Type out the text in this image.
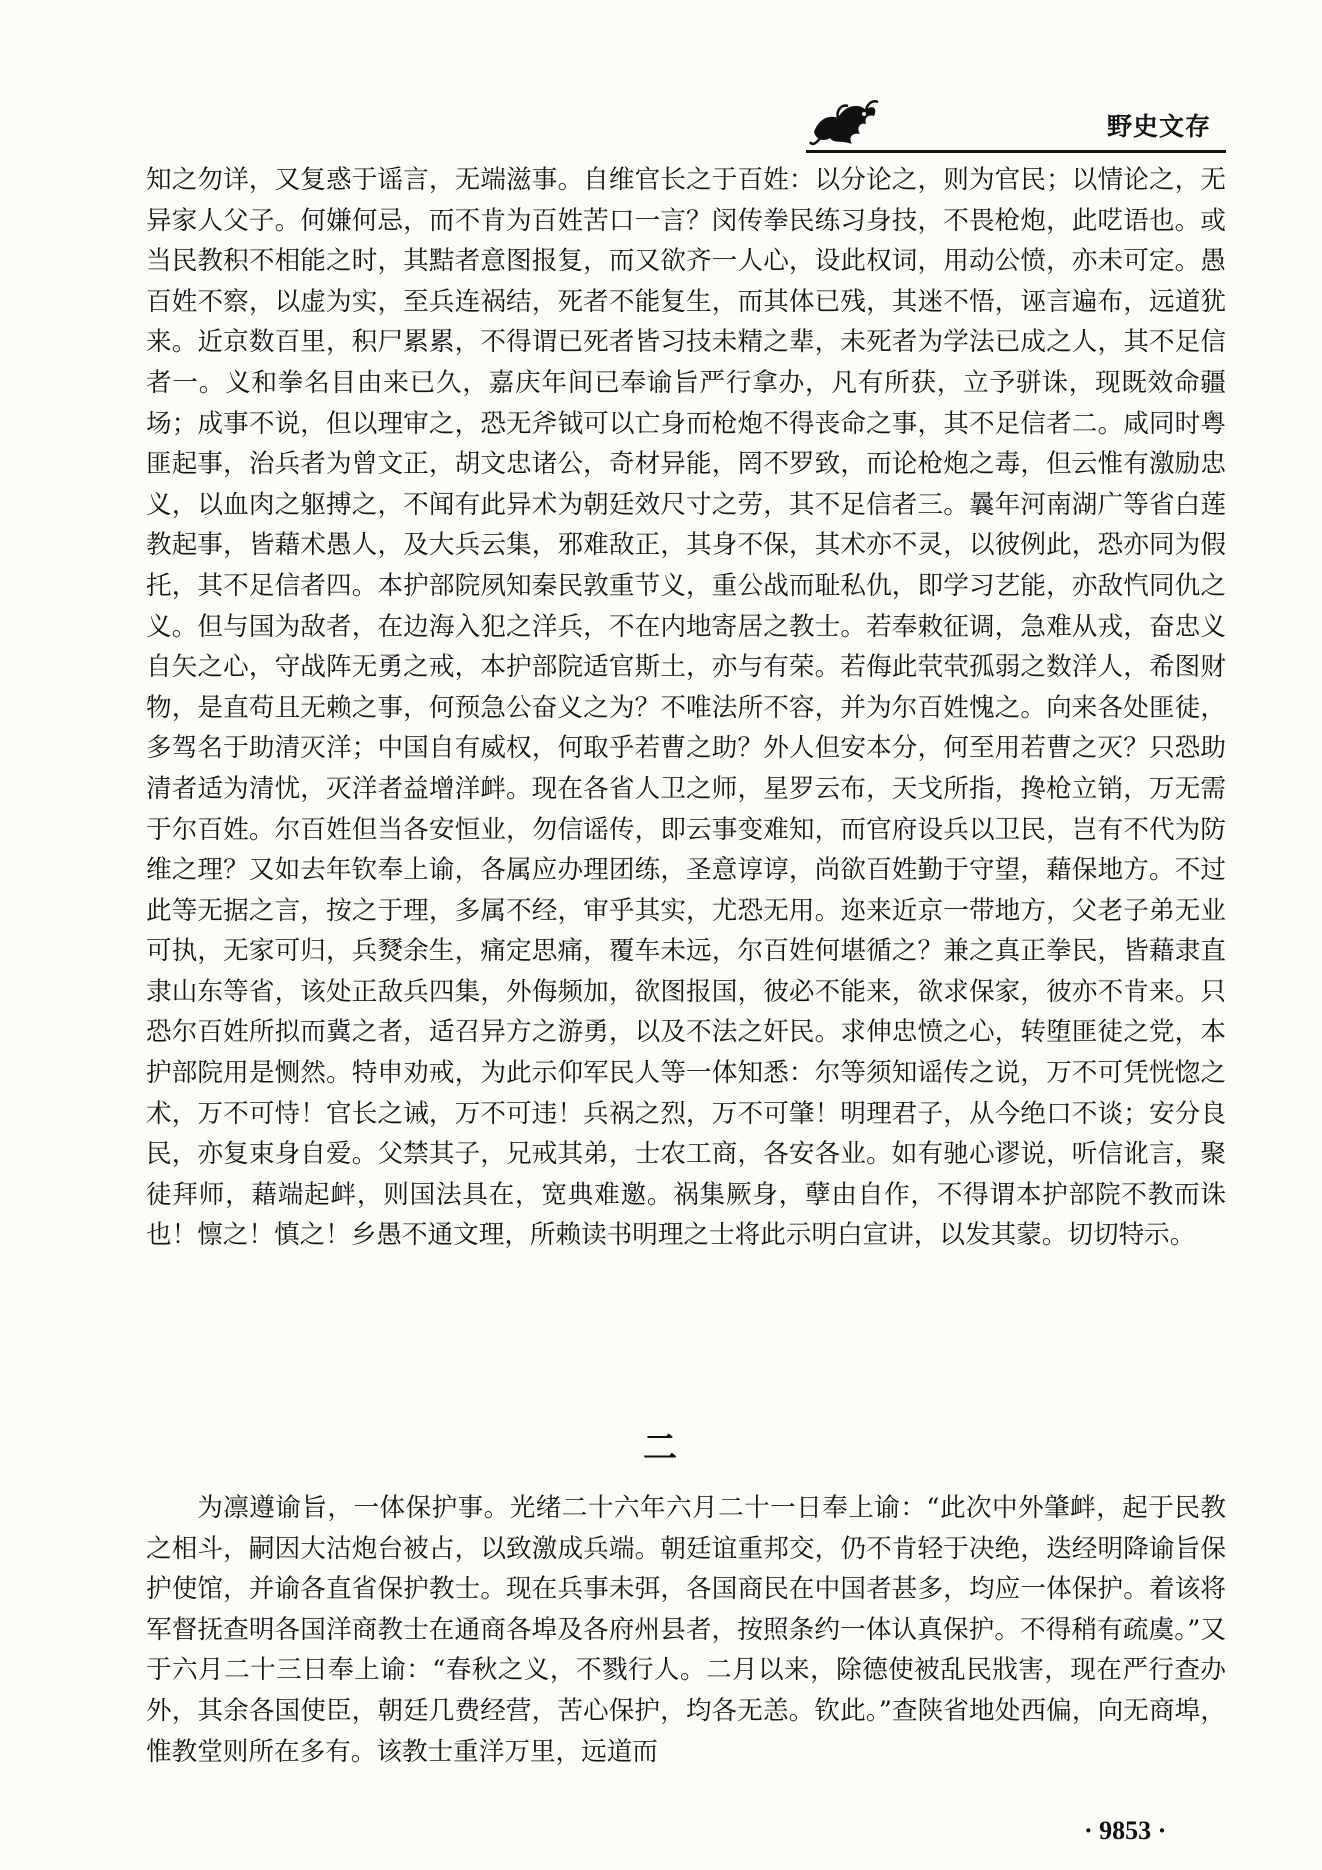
野史文存

知之勿详，又复惑于谣言，无端滋事。自维官长之于百姓：以分论之，则为官民；以情论之，无异家人父子。何嫌何忌，而不肯为百姓苦口一言？闵传拳民练习身技，不畏枪炮，此呓语也。或当民教积不相能之时，其黠者意图报复，而又欲齐一人心，设此权词，用动公愤，亦未可定。愚百姓不察，以虚为实，至兵连祸结，死者不能复生，而其体已残，其迷不悟，诬言遍布，远道犹来。近京数百里，积尸累累，不得谓已死者皆习技未精之辈，未死者为学法已成之人，其不足信者一。义和拳名目由来已久，嘉庆年间已奉谕旨严行拿办，凡有所获，立予骈诛，现既效命疆场；成事不说，但以理审之，恐无斧钺可以亡身而枪炮不得丧命之事，其不足信者二。咸同时粤匪起事，治兵者为曾文正，胡文忠诸公，奇材异能，罔不罗致，而论枪炮之毒，但云惟有激励忠义，以血肉之躯搏之，不闻有此异术为朝廷效尺寸之劳，其不足信者三。曩年河南湖广等省白莲教起事，皆藉术愚人，及大兵云集，邪难敌正，其身不保，其术亦不灵，以彼例此，恐亦同为假托，其不足信者四。本护部院夙知秦民敦重节义，重公战而耻私仇，即学习艺能，亦敌忾同仇之义。但与国为敌者，在边海入犯之洋兵，不在内地寄居之教士。若奉敕征调，急难从戎，奋忠义自矢之心，守战阵无勇之戒，本护部院适官斯土，亦与有荣。若侮此茕茕孤弱之数洋人，希图财物，是直苟且无赖之事，何预急公奋义之为？不唯法所不容，并为尔百姓愧之。向来各处匪徒，多驾名于助清灭洋；中国自有威权，何取乎若曹之助？外人但安本分，何至用若曹之灭？只恐助清者适为清忧，灭洋者益增洋衅。现在各省人卫之师，星罗云布，天戈所指，搀枪立销，万无需于尔百姓。尔百姓但当各安恒业，勿信谣传，即云事变难知，而官府设兵以卫民，岂有不代为防维之理？又如去年钦奉上谕，各属应办理团练，圣意谆谆，尚欲百姓勤于守望，藉保地方。不过此等无据之言，按之于理，多属不经，审乎其实，尤恐无用。迩来近京一带地方，父老子弟无业可执，无家可归，兵燹余生，痛定思痛，覆车未远，尔百姓何堪循之？兼之真正拳民，皆藉隶直隶山东等省，该处正敌兵四集，外侮频加，欲图报国，彼必不能来，欲求保家，彼亦不肯来。只恐尔百姓所拟而冀之者，适召异方之游勇，以及不法之奸民。求伸忠愤之心，转堕匪徒之党，本护部院用是恻然。特申劝戒，为此示仰军民人等一体知悉：尔等须知谣传之说，万不可凭恍惚之术，万不可恃！官长之诫，万不可违！兵祸之烈，万不可肇！明理君子，从今绝口不谈；安分良民，亦复束身自爱。父禁其子，兄戒其弟，士农工商，各安各业。如有驰心谬说，听信讹言，聚徒拜师，藉端起衅，则国法具在，宽典难邀。祸集厥身，孽由自作，不得谓本护部院不教而诛也！懔之！慎之！乡愚不通文理，所赖读书明理之士将此示明白宣讲，以发其蒙。切切特示。

二

为凛遵谕旨，一体保护事。光绪二十六年六月二十一日奉上谕：“此次中外肇衅，起于民教之相斗，嗣因大沽炮台被占，以致激成兵端。朝廷谊重邦交，仍不肯轻于决绝，迭经明降谕旨保护使馆，并谕各直省保护教士。现在兵事未弭，各国商民在中国者甚多，均应一体保护。着该将军督抚查明各国洋商教士在通商各埠及各府州县者，按照条约一体认真保护。不得稍有疏虞。”又于六月二十三日奉上谕：“春秋之义，不戮行人。二月以来，除德使被乱民戕害，现在严行查办外，其余各国使臣，朝廷几费经营，苦心保护，均各无恙。钦此。”查陕省地处西偏，向无商埠，惟教堂则所在多有。该教士重洋万里，远道而

· 9853 ·
